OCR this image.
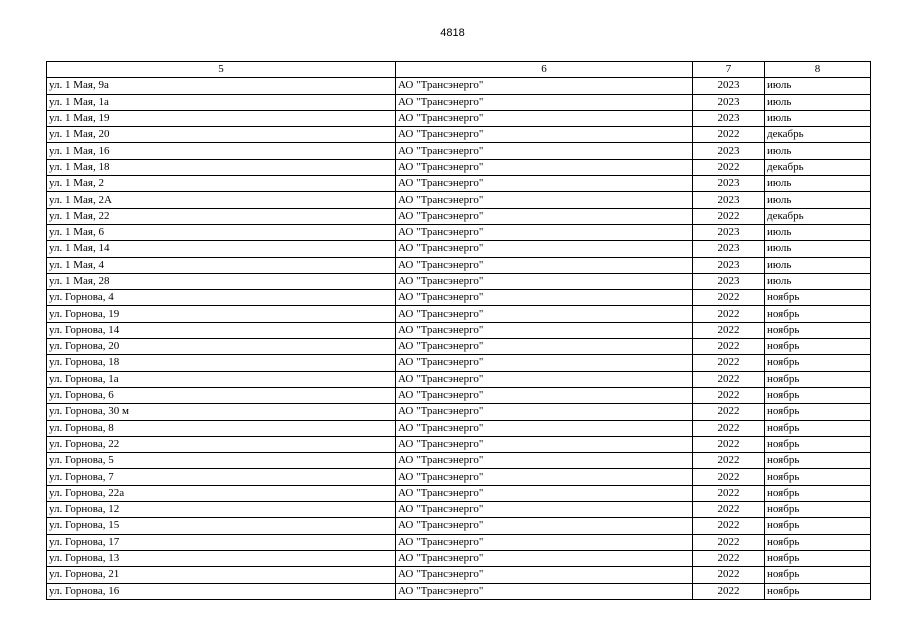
4818
5	6	7	8
ул. 1 Мая, 9а	АО "Трансэнерго"	2023	июль
ул. 1 Мая, 1а	АО "Трансэнерго"	2023	июль
ул. 1 Мая, 19	АО "Трансэнерго"	2023	июль
ул. 1 Мая, 20	АО "Трансэнерго"	2022	декабрь
ул. 1 Мая, 16	АО "Трансэнерго"	2023	июль
ул. 1 Мая, 18	АО "Трансэнерго"	2022	декабрь
ул. 1 Мая, 2	АО "Трансэнерго"	2023	июль
ул. 1 Мая, 2А	АО "Трансэнерго"	2023	июль
ул. 1 Мая, 22	АО "Трансэнерго"	2022	декабрь
ул. 1 Мая, 6	АО "Трансэнерго"	2023	июль
ул. 1 Мая, 14	АО "Трансэнерго"	2023	июль
ул. 1 Мая, 4	АО "Трансэнерго"	2023	июль
ул. 1 Мая, 28	АО "Трансэнерго"	2023	июль
ул. Горнова, 4	АО "Трансэнерго"	2022	ноябрь
ул. Горнова, 19	АО "Трансэнерго"	2022	ноябрь
ул. Горнова, 14	АО "Трансэнерго"	2022	ноябрь
ул. Горнова, 20	АО "Трансэнерго"	2022	ноябрь
ул. Горнова, 18	АО "Трансэнерго"	2022	ноябрь
ул. Горнова, 1а	АО "Трансэнерго"	2022	ноябрь
ул. Горнова, 6	АО "Трансэнерго"	2022	ноябрь
ул. Горнова, 30 м	АО "Трансэнерго"	2022	ноябрь
ул. Горнова, 8	АО "Трансэнерго"	2022	ноябрь
ул. Горнова, 22	АО "Трансэнерго"	2022	ноябрь
ул. Горнова, 5	АО "Трансэнерго"	2022	ноябрь
ул. Горнова, 7	АО "Трансэнерго"	2022	ноябрь
ул. Горнова, 22а	АО "Трансэнерго"	2022	ноябрь
ул. Горнова, 12	АО "Трансэнерго"	2022	ноябрь
ул. Горнова, 15	АО "Трансэнерго"	2022	ноябрь
ул. Горнова, 17	АО "Трансэнерго"	2022	ноябрь
ул. Горнова, 13	АО "Трансэнерго"	2022	ноябрь
ул. Горнова, 21	АО "Трансэнерго"	2022	ноябрь
ул. Горнова, 16	АО "Трансэнерго"	2022	ноябрь
